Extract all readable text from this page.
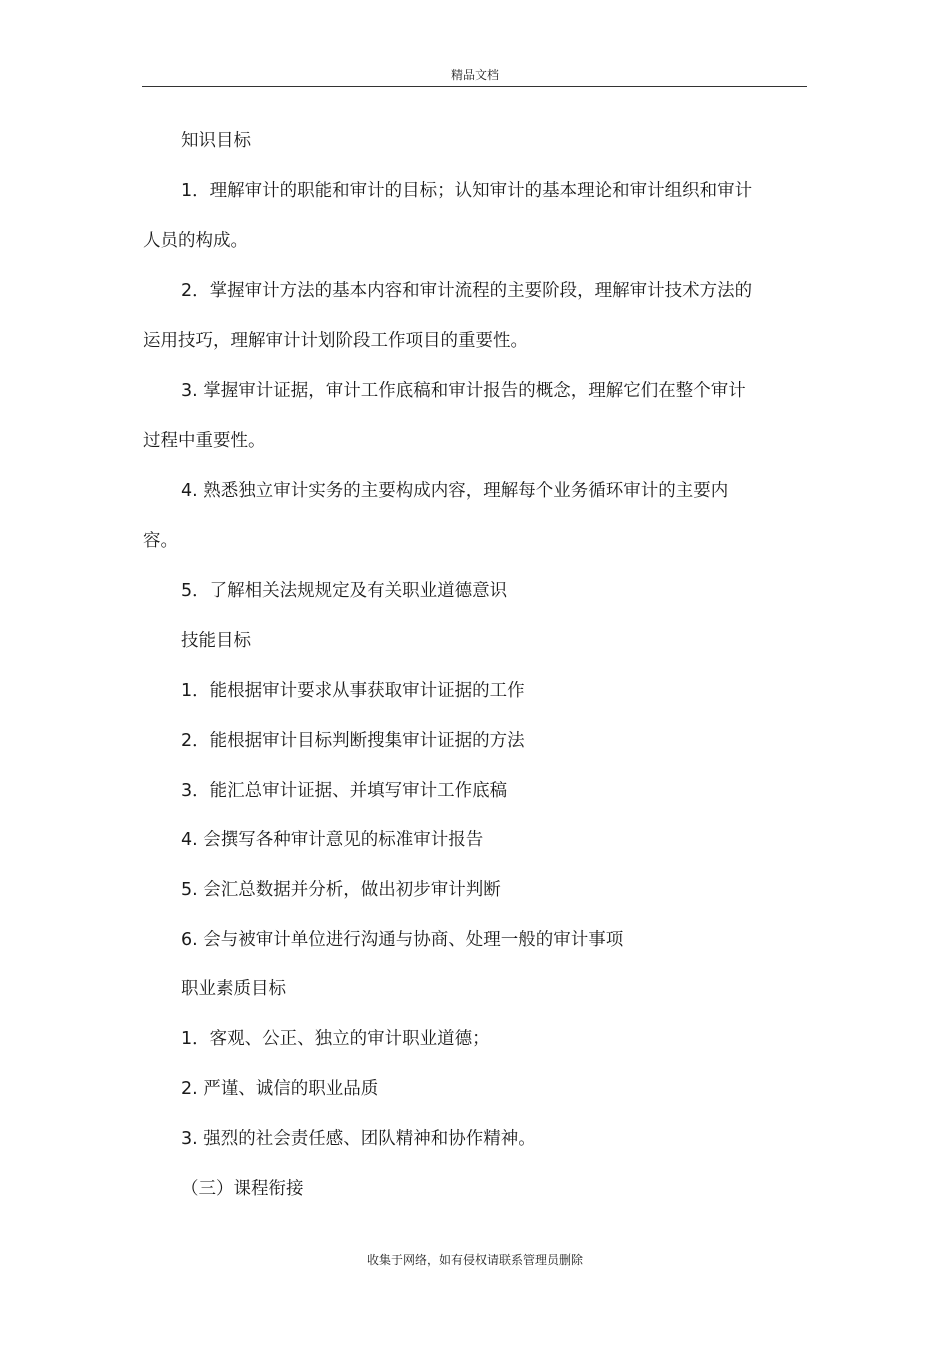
精品文档
知识目标
1．理解审计的职能和审计的目标；认知审计的基本理论和审计组织和审计
人员的构成。
2．掌握审计方法的基本内容和审计流程的主要阶段，理解审计技术方法的
运用技巧，理解审计计划阶段工作项目的重要性。
3. 掌握审计证据，审计工作底稿和审计报告的概念，理解它们在整个审计
过程中重要性。
4. 熟悉独立审计实务的主要构成内容，理解每个业务循环审计的主要内
容。
5．了解相关法规规定及有关职业道德意识
技能目标
1．能根据审计要求从事获取审计证据的工作
2．能根据审计目标判断搜集审计证据的方法
3．能汇总审计证据、并填写审计工作底稿
4. 会撰写各种审计意见的标准审计报告
5. 会汇总数据并分析，做出初步审计判断
6. 会与被审计单位进行沟通与协商、处理一般的审计事项
职业素质目标
1．客观、公正、独立的审计职业道德；
2. 严谨、诚信的职业品质
3. 强烈的社会责任感、团队精神和协作精神。
（三）课程衔接
收集于网络，如有侵权请联系管理员删除
